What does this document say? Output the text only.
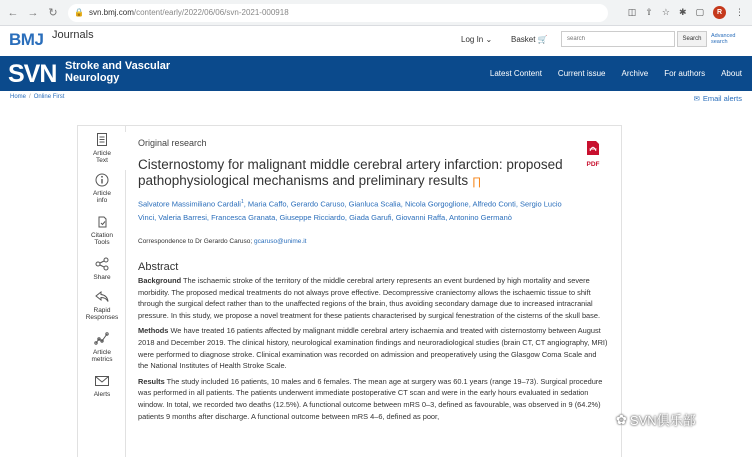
← → ↻ 🔒 svn.bmj.com /content/early/2022/06/06/svn-2021-000918	◫ ⇧ ☆ ✱ ▢	R	⋮
BMJ Journals	Log In ⌄ Basket 🛒
search	Search	Advanced search
SVN Stroke and Vascular
Neurology	Latest Content Current issue Archive For authors About
Home / Online First	✉ Email alerts
Article
Text
Article
info
Citation
Tools
Share
Rapid
Responses
Article
metrics
Alerts
Original research
PDF
Cisternostomy for malignant middle cerebral artery infarction: proposed pathophysiological mechanisms and preliminary results ∏
Salvatore Massimiliano Cardali$^1$, Maria Caffo, Gerardo Caruso, Gianluca Scalia, Nicola Gorgoglione, Alfredo Conti, Sergio Lucio Vinci, Valeria Barresi, Francesca Granata, Giuseppe Ricciardo, Giada Garufi, Giovanni Raffa, Antonino Germanò
Correspondence to Dr Gerardo Caruso; gcaruso@unime.it
Abstract

Background The ischaemic stroke of the territory of the middle cerebral artery represents an event burdened by high mortality and severe morbidity. The proposed medical treatments do not always prove effective. Decompressive craniectomy allows the ischaemic tissue to shift through the surgical defect rather than to the unaffected regions of the brain, thus avoiding secondary damage due to increased intracranial pressure. In this study, we propose a novel treatment for these patients characterised by surgical fenestration of the cisterns of the skull base.

Methods We have treated 16 patients affected by malignant middle cerebral artery ischaemia and treated with cisternostomy between August 2018 and December 2019. The clinical history, neurological examination findings and neuroradiological studies (brain CT, CT angiography, MRI) were performed to diagnose stroke. Clinical examination was recorded on admission and preoperatively using the Glasgow Coma Scale and the National Institutes of Health Stroke Scale.

Results The study included 16 patients, 10 males and 6 females. The mean age at surgery was 60.1 years (range 19–73). Surgical procedure was performed in all patients. The patients underwent immediate postoperative CT scan and were in the early hours evaluated in sedation window. In total, we recorded two deaths (12.5%). A functional outcome between mRS 0–3, defined as favourable, was observed in 9 (64.2%) patients 9 months after discharge. A functional outcome between mRS 4–6, defined as poor,	✿ SVN俱乐部
